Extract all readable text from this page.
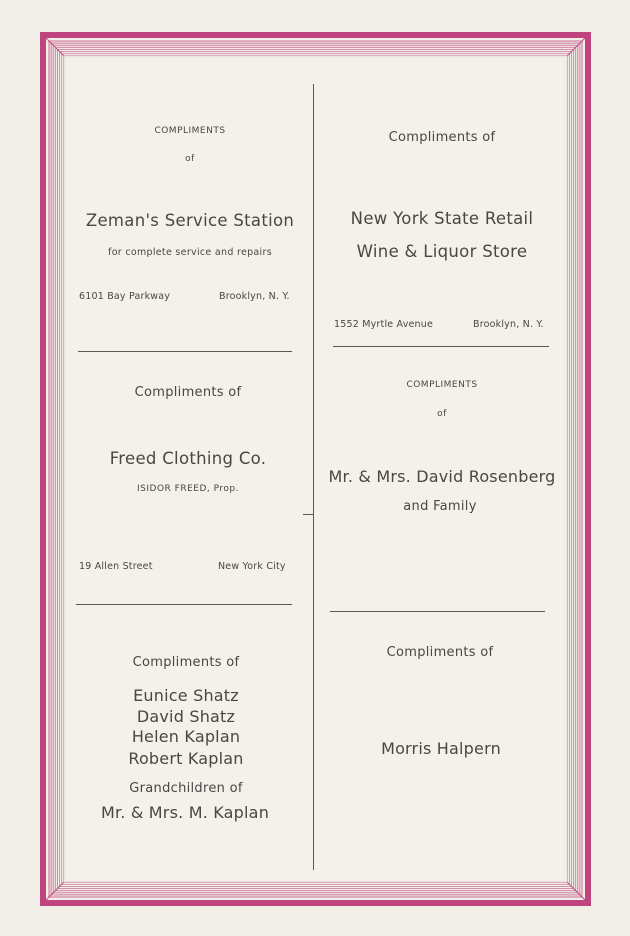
COMPLIMENTS
of
Zeman's Service Station
for complete service and repairs
6101 Bay Parkway	Brooklyn, N. Y.
Compliments of
Freed Clothing Co.
ISIDOR FREED, Prop.
19 Allen Street	New York City
Compliments of
Eunice Shatz
David Shatz
Helen Kaplan
Robert Kaplan
Grandchildren of
Mr. & Mrs. M. Kaplan
Compliments of
New York State Retail
Wine & Liquor Store
1552 Myrtle Avenue	Brooklyn, N. Y.
COMPLIMENTS
of
Mr. & Mrs. David Rosenberg
and Family
Compliments of
Morris Halpern
